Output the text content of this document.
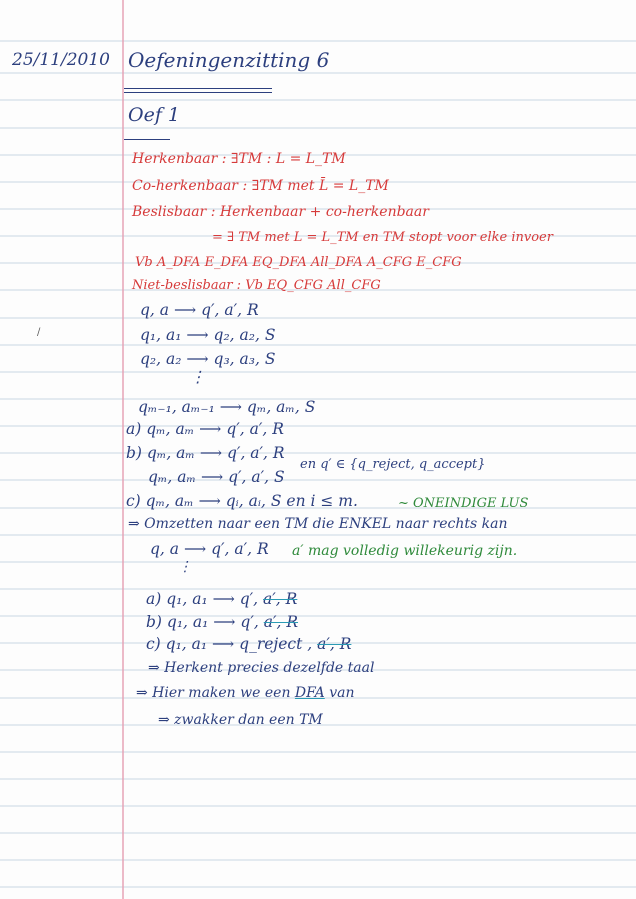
25/11/2010 Oefeningenzitting 6
Oef 1
Herkenbaar : ∃TM : L = L_TM
Co-herkenbaar : ∃TM met L̄ = L_TM
Beslisbaar : Herkenbaar + co-herkenbaar
= ∃ TM met L = L_TM en TM stopt voor elke invoer
Vb A_DFA E_DFA EQ_DFA All_DFA A_CFG E_CFG
Niet-beslisbaar : Vb EQ_CFG All_CFG
q, a ⟶ q′, a′, R
q₁, a₁ ⟶ q₂, a₂, S
q₂, a₂ ⟶ q₃, a₃, S
⋮
qₘ₋₁, aₘ₋₁ ⟶ qₘ, aₘ, S
/
a) qₘ, aₘ ⟶ q′, a′, R
b) qₘ, aₘ ⟶ q′, a′, R
en q′ ∈ {q_reject, q_accept}
qₘ, aₘ ⟶ q′, a′, S
c) qₘ, aₘ ⟶ qᵢ, aᵢ, S en i ≤ m.	~ ONEINDIGE LUS
⇒ Omzetten naar een TM die ENKEL naar rechts kan
q, a ⟶ q′, a′, R a′ mag volledig willekeurig zijn.
⋮
a) q₁, a₁ ⟶ q′, a′, R
b) q₁, a₁ ⟶ q′, a′, R
c) q₁, a₁ ⟶ q_reject , a′, R
⇒ Herkent precies dezelfde taal
⇒ Hier maken we een DFA van
⇒ zwakker dan een TM
